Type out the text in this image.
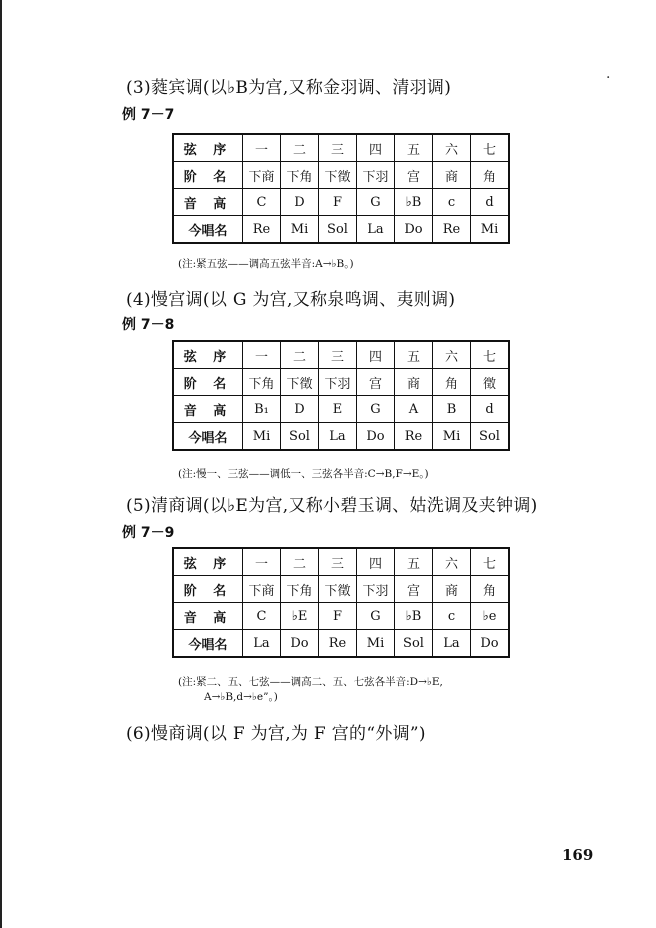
(3)蕤宾调(以♭B为宫,又称金羽调、清羽调)
例 7－7
弦 序	一	二	三	四	五	六	七
阶 名	下商	下角	下徵	下羽	宫	商	角
音 高	C	D	F	G	♭B	c	d
今唱名	Re	Mi	Sol	La	Do	Re	Mi
(注:紧五弦——调高五弦半音:A→♭B。)
(4)慢宫调(以 G 为宫,又称泉鸣调、夷则调)
例 7－8
弦 序	一	二	三	四	五	六	七
阶 名	下角	下徵	下羽	宫	商	角	徵
音 高	B₁	D	E	G	A	B	d
今唱名	Mi	Sol	La	Do	Re	Mi	Sol
(注:慢一、三弦——调低一、三弦各半音:C→B,F→E。)
(5)清商调(以♭E为宫,又称小碧玉调、姑洗调及夹钟调)
例 7－9
弦 序	一	二	三	四	五	六	七
阶 名	下商	下角	下徵	下羽	宫	商	角
音 高	C	♭E	F	G	♭B	c	♭e
今唱名	La	Do	Re	Mi	Sol	La	Do
(注:紧二、五、七弦——调高二、五、七弦各半音:D→♭E,
A→♭B,d→♭e”。)
(6)慢商调(以 F 为宫,为 F 宫的“外调”)
169
·
